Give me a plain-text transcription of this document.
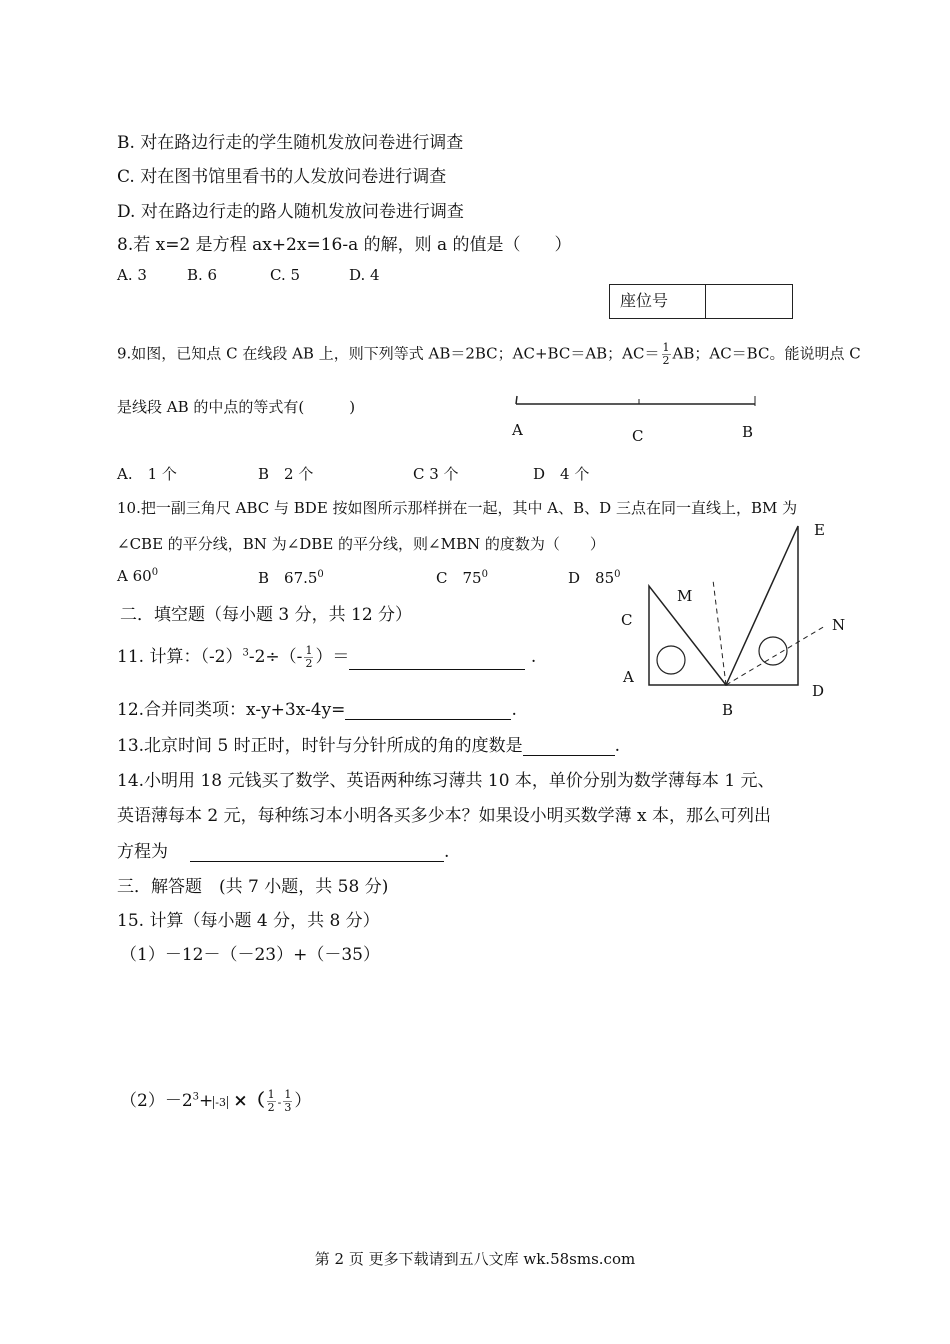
B. 对在路边行走的学生随机发放问卷进行调查
C. 对在图书馆里看书的人发放问卷进行调查
D. 对在路边行走的路人随机发放问卷进行调查
8.若 x=2 是方程 ax+2x=16-a 的解，则 a 的值是（　　）
A. 3	B. 6	C. 5	D. 4
座位号
9.如图，已知点 C 在线段 AB 上，则下列等式 AB＝2BC；AC+BC＝AB；$AC= \frac{1}{2}$ AB；AC＝BC。能说明点 C
是线段 AB 的中点的等式有(　　　)
A	C	B
A.　1 个	B　2 个	C 3 个	D　4 个
10.把一副三角尺 ABC 与 BDE 按如图所示那样拼在一起，其中 A、B、D 三点在同一直线上，BM 为
∠CBE 的平分线，BN 为∠DBE 的平分线，则∠MBN 的度数为（　　）
A $60^0$	B　67.5$^0$	C　$75^0$	D　$85^0$
E
M
C	N
A
D
B
二．填空题（每小题 3 分，共 12 分）
11. 计算：$(-2)^3-2\div(- \frac{1}{2}$ ）＝	.
12.合并同类项：x-y+3x-4y=	.
13.北京时间 5 时正时，时针与分针所成的角的度数是	.
14.小明用 18 元钱买了数学、英语两种练习薄共 10 本，单价分别为数学薄每本 1 元、
英语薄每本 2 元，每种练习本小明各买多少本？如果设小明买数学薄 x 本，那么可列出
方程为	.
三．解答题　(共 7 小题，共 58 分)
15. 计算（每小题 4 分，共 8 分）
（1）－12－（－23）+（－35）
$(2)-2^3+ -3$ ×（ $\frac{1}{2} - \frac{1}{3}$ ）
第 2 页 更多下载请到五八文库 wk.58sms.com
